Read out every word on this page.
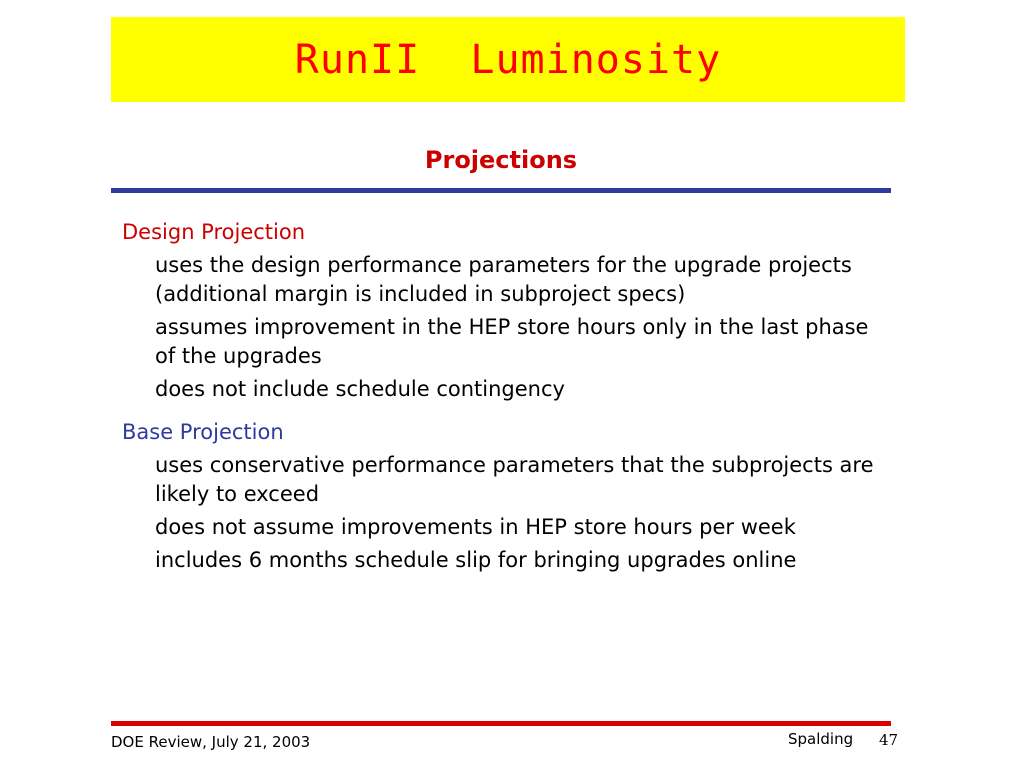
RunII  Luminosity
Projections
Design Projection
uses the design performance parameters for the upgrade projects (additional margin is included in subproject specs)
assumes improvement in the HEP store hours only in the last phase of the upgrades
does not include schedule contingency
Base Projection
uses conservative performance parameters that the subprojects are likely to exceed
does not assume improvements in HEP store hours per week
includes 6 months schedule slip for bringing upgrades online
DOE Review, July 21, 2003	Spalding 47
